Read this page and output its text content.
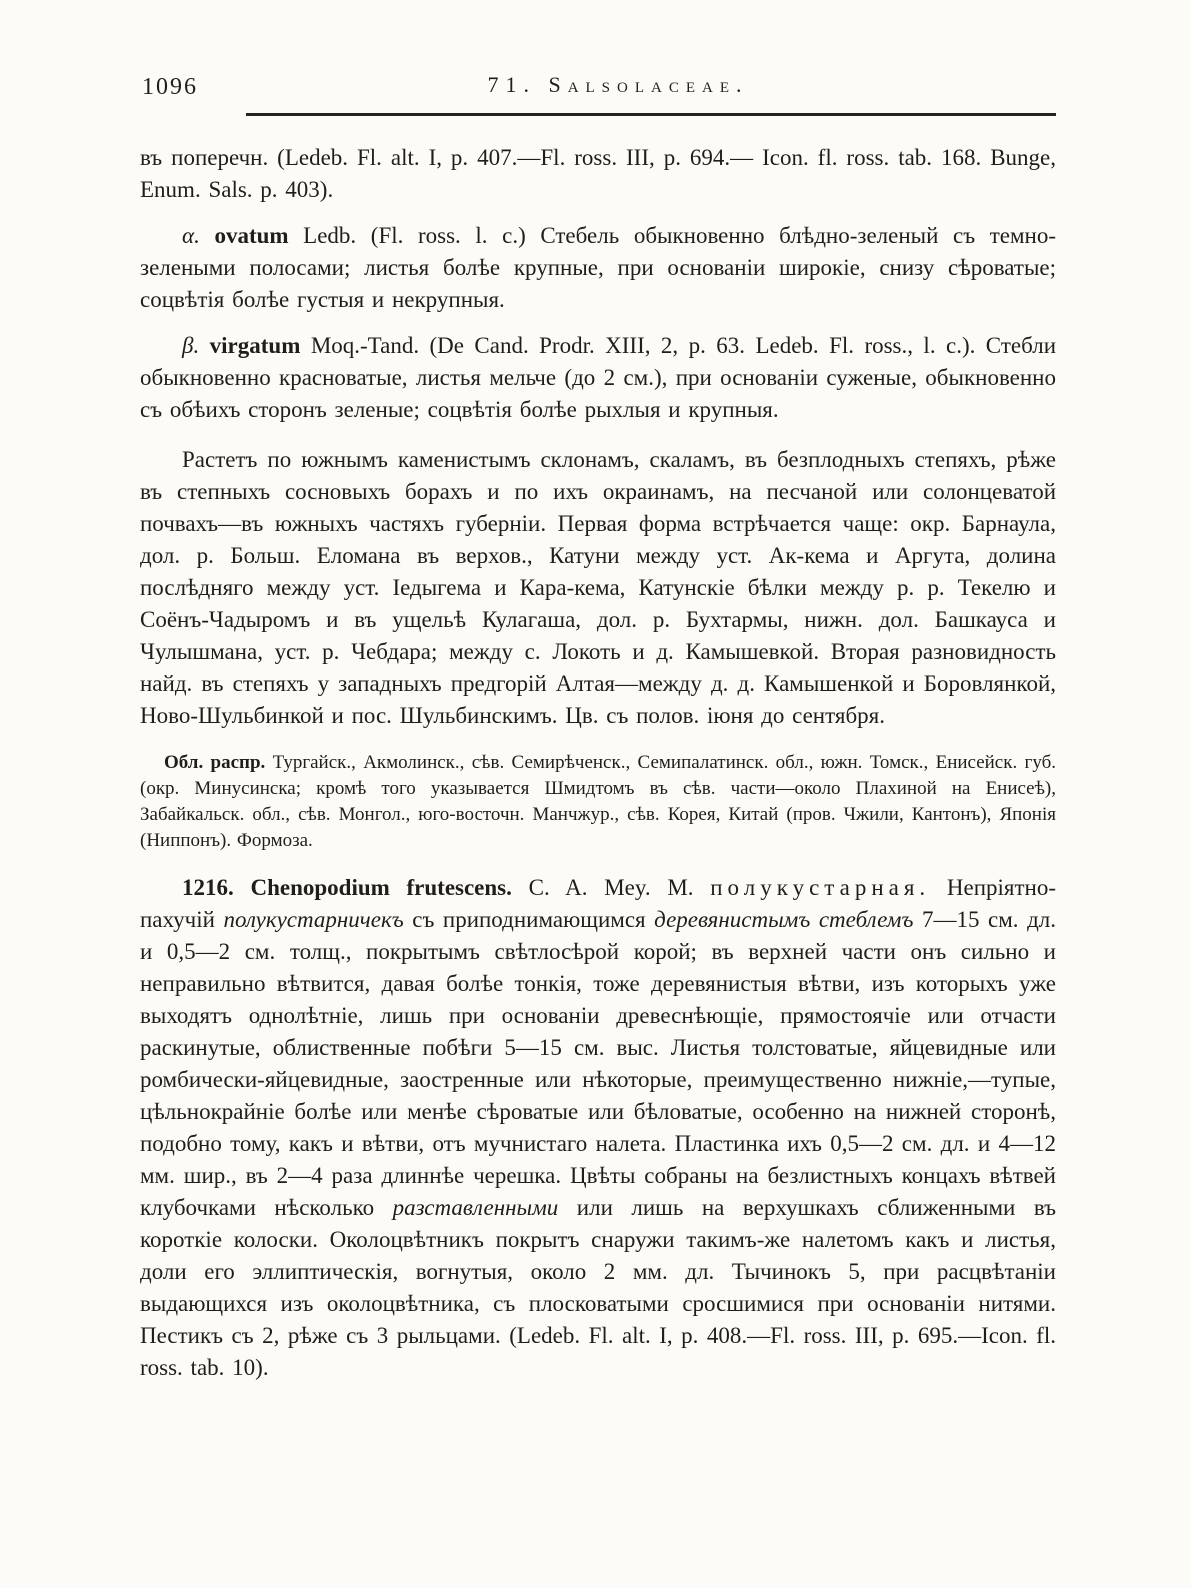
1096	71. Salsolaceae.

въ поперечн. (Ledeb. Fl. alt. I, p. 407.—Fl. ross. III, p. 694.— Icon. fl. ross. tab. 168. Bunge, Enum. Sals. p. 403).

α. ovatum Ledb. (Fl. ross. l. c.) Стебель обыкновенно блѣдно-зеленый съ темно-зелеными полосами; листья болѣе крупные, при основаніи широкіе, снизу сѣроватые; соцвѣтія болѣе густыя и некрупныя.

β. virgatum Moq.-Tand. (De Cand. Prodr. XIII, 2, p. 63. Ledeb. Fl. ross., l. c.). Стебли обыкновенно красноватые, листья мельче (до 2 см.), при основаніи суженые, обыкновенно съ обѣихъ сторонъ зеленые; соцвѣтія болѣе рыхлыя и крупныя.

Растетъ по южнымъ каменистымъ склонамъ, скаламъ, въ безплодныхъ степяхъ, рѣже въ степныхъ сосновыхъ борахъ и по ихъ окраинамъ, на песчаной или солонцеватой почвахъ—въ южныхъ частяхъ губерніи. Первая форма встрѣчается чаще: окр. Барнаула, дол. р. Больш. Еломана въ верхов., Катуни между уст. Ак-кема и Аргута, долина послѣдняго между уст. Іедыгема и Кара-кема, Катунскіе бѣлки между р. р. Текелю и Соёнъ-Чадыромъ и въ ущельѣ Кулагаша, дол. р. Бухтармы, нижн. дол. Башкауса и Чулышмана, уст. р. Чебдара; между с. Локоть и д. Камышевкой. Вторая разновидность найд. въ степяхъ у западныхъ предгорій Алтая—между д. д. Камышенкой и Боровлянкой, Ново-Шульбинкой и пос. Шульбинскимъ. Цв. съ полов. іюня до сентября.

Обл. распр. Тургайск., Акмолинск., сѣв. Семирѣченск., Семипалатинск. обл., южн. Томск., Енисейск. губ. (окр. Минусинска; кромѣ того указывается Шмидтомъ въ сѣв. части—около Плахиной на Енисеѣ), Забайкальск. обл., сѣв. Монгол., юго-восточн. Манчжур., сѣв. Корея, Китай (пров. Чжили, Кантонъ), Японія (Ниппонъ). Формоза.

1216. Chenopodium frutescens. C. A. Mey. М. полукустарная. Непріятно-пахучій полукустарничекъ съ приподнимающимся деревянистымъ стеблемъ 7—15 см. дл. и 0,5—2 см. толщ., покрытымъ свѣтлосѣрой корой; въ верхней части онъ сильно и неправильно вѣтвится, давая болѣе тонкія, тоже деревянистыя вѣтви, изъ которыхъ уже выходятъ однолѣтніе, лишь при основаніи древеснѣющіе, прямостоячіе или отчасти раскинутые, облиственные побѣги 5—15 см. выс. Листья толстоватые, яйцевидные или ромбически-яйцевидные, заостренные или нѣкоторые, преимущественно нижніе,—тупые, цѣльнокрайніе болѣе или менѣе сѣроватые или бѣловатые, особенно на нижней сторонѣ, подобно тому, какъ и вѣтви, отъ мучнистаго налета. Пластинка ихъ 0,5—2 см. дл. и 4—12 мм. шир., въ 2—4 раза длиннѣе черешка. Цвѣты собраны на безлистныхъ концахъ вѣтвей клубочками нѣсколько разставленными или лишь на верхушкахъ сближенными въ короткіе колоски. Околоцвѣтникъ покрытъ снаружи такимъ-же налетомъ какъ и листья, доли его эллиптическія, вогнутыя, около 2 мм. дл. Тычинокъ 5, при расцвѣтаніи выдающихся изъ околоцвѣтника, съ плосковатыми сросшимися при основаніи нитями. Пестикъ съ 2, рѣже съ 3 рыльцами. (Ledeb. Fl. alt. I, p. 408.—Fl. ross. III, p. 695.—Icon. fl. ross. tab. 10).
